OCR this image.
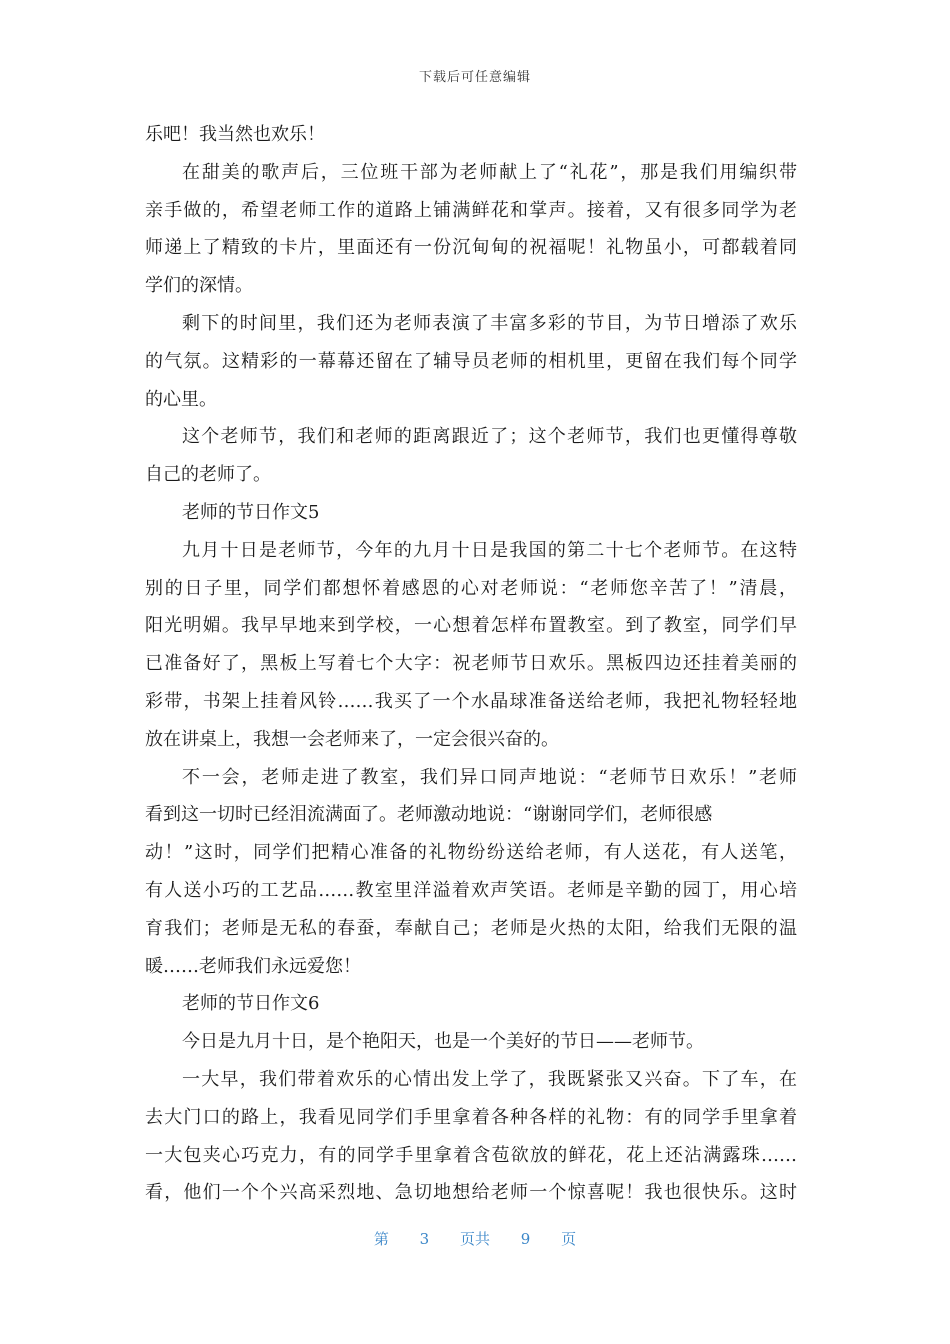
下载后可任意编辑
乐吧！我当然也欢乐！
在甜美的歌声后，三位班干部为老师献上了“礼花”，那是我们用编织带
亲手做的，希望老师工作的道路上铺满鲜花和掌声。接着，又有很多同学为老
师递上了精致的卡片，里面还有一份沉甸甸的祝福呢！礼物虽小，可都载着同
学们的深情。
剩下的时间里，我们还为老师表演了丰富多彩的节目，为节日增添了欢乐
的气氛。这精彩的一幕幕还留在了辅导员老师的相机里，更留在我们每个同学
的心里。
这个老师节，我们和老师的距离跟近了；这个老师节，我们也更懂得尊敬
自己的老师了。
老师的节日作文5
九月十日是老师节，今年的九月十日是我国的第二十七个老师节。在这特
别的日子里，同学们都想怀着感恩的心对老师说：“老师您辛苦了！”清晨，
阳光明媚。我早早地来到学校，一心想着怎样布置教室。到了教室，同学们早
已准备好了，黑板上写着七个大字：祝老师节日欢乐。黑板四边还挂着美丽的
彩带，书架上挂着风铃……我买了一个水晶球准备送给老师，我把礼物轻轻地
放在讲桌上，我想一会老师来了，一定会很兴奋的。
不一会，老师走进了教室，我们异口同声地说：“老师节日欢乐！”老师
看到这一切时已经泪流满面了。老师激动地说：“谢谢同学们，老师很感
动！”这时，同学们把精心准备的礼物纷纷送给老师，有人送花，有人送笔，
有人送小巧的工艺品……教室里洋溢着欢声笑语。老师是辛勤的园丁，用心培
育我们；老师是无私的春蚕，奉献自己；老师是火热的太阳，给我们无限的温
暖……老师我们永远爱您！
老师的节日作文6
今日是九月十日，是个艳阳天，也是一个美好的节日——老师节。
一大早，我们带着欢乐的心情出发上学了，我既紧张又兴奋。下了车，在
去大门口的路上，我看见同学们手里拿着各种各样的礼物：有的同学手里拿着
一大包夹心巧克力，有的同学手里拿着含苞欲放的鲜花，花上还沾满露珠……
看，他们一个个兴高采烈地、急切地想给老师一个惊喜呢！我也很快乐。这时
第 3 页共 9 页
